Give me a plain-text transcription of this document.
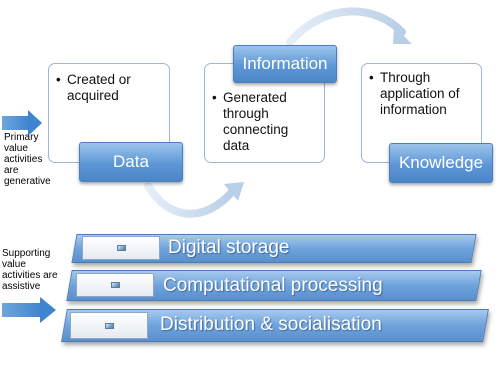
Primary
value
activities
are
generative
Supporting
value
activities are
assistive
• Created or acquired
Data
• Generated through connecting data
Information
• Through application of information
Knowledge
Digital storage
Computational processing
Distribution & socialisation
